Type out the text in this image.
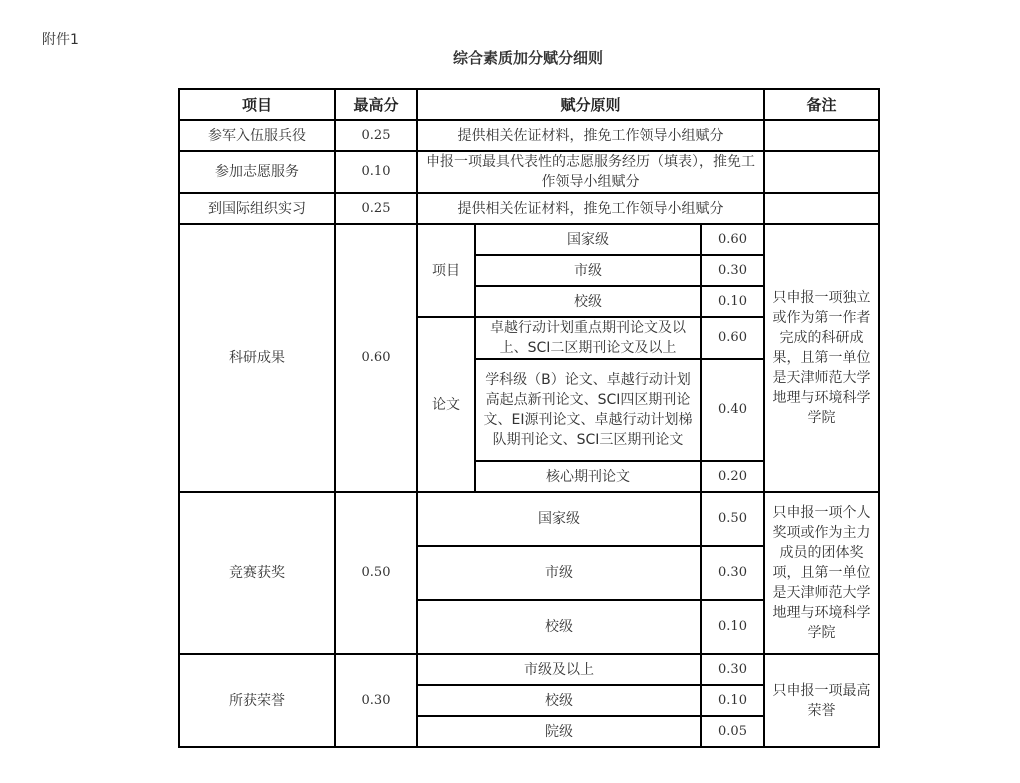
附件1
综合素质加分赋分细则
项目	最高分	赋分原则			备注
参军入伍服兵役	0.25	提供相关佐证材料，推免工作领导小组赋分			
参加志愿服务	0.10	申报一项最具代表性的志愿服务经历（填表），推免工作领导小组赋分			
到国际组织实习	0.25	提供相关佐证材料，推免工作领导小组赋分			
科研成果	0.60	项目	国家级	0.60	只申报一项独立或作为第一作者完成的科研成果，且第一单位是天津师范大学地理与环境科学学院
			市级	0.30	
			校级	0.10	
		论文	卓越行动计划重点期刊论文及以上、SCI二区期刊论文及以上	0.60	
			学科级（B）论文、卓越行动计划高起点新刊论文、SCI四区期刊论文、EI源刊论文、卓越行动计划梯队期刊论文、SCI三区期刊论文	0.40	
			核心期刊论文	0.20	
竞赛获奖	0.50	国家级		0.50	只申报一项个人奖项或作为主力成员的团体奖项，且第一单位是天津师范大学地理与环境科学学院
		市级		0.30	
		校级		0.10	
所获荣誉	0.30	市级及以上		0.30	只申报一项最高荣誉
		校级		0.10	
		院级		0.05	
